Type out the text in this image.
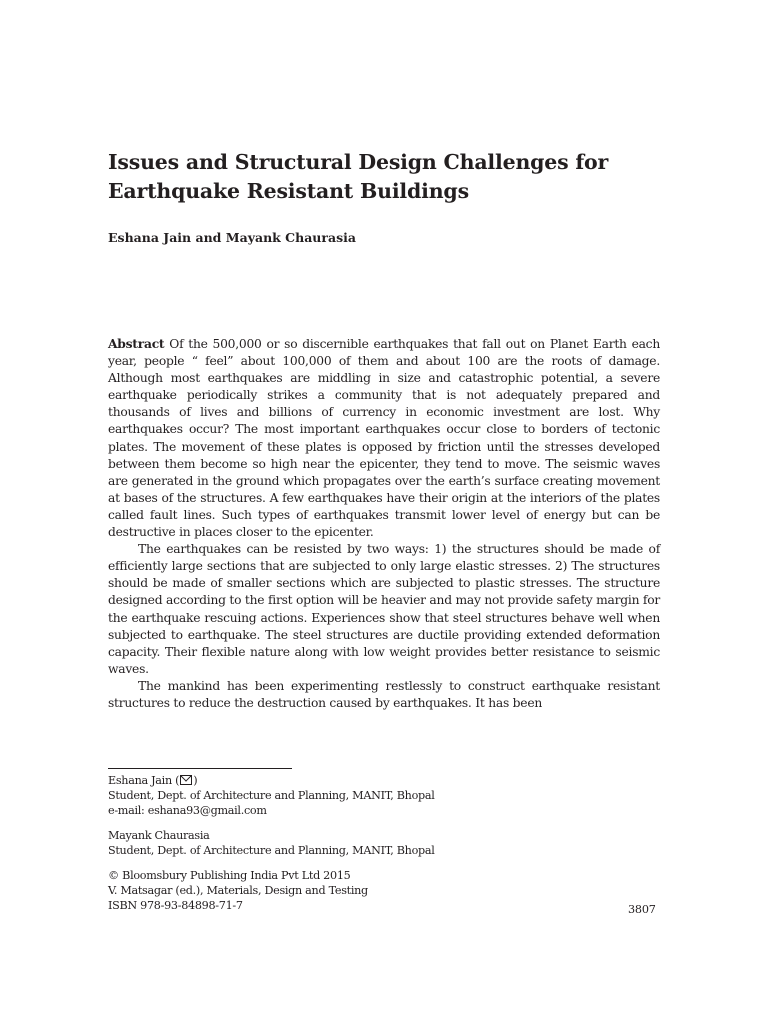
Issues and Structural Design Challenges for
Earthquake Resistant Buildings
Eshana Jain and Mayank Chaurasia

Abstract Of the 500,000 or so discernible earthquakes that fall out on Planet Earth each year, people “ feel” about 100,000 of them and about 100 are the roots of damage. Although most earthquakes are middling in size and catastrophic potential, a severe earthquake periodically strikes a community that is not adequately prepared and thousands of lives and billions of currency in economic investment are lost. Why earthquakes occur? The most important earthquakes occur close to borders of tectonic plates. The movement of these plates is opposed by friction until the stresses developed between them become so high near the epicenter, they tend to move. The seismic waves are generated in the ground which propagates over the earth’s surface creating movement at bases of the structures. A few earthquakes have their origin at the interiors of the plates called fault lines. Such types of earthquakes transmit lower level of energy but can be destructive in places closer to the epicenter.

The earthquakes can be resisted by two ways: 1) the structures should be made of efficiently large sections that are subjected to only large elastic stresses. 2) The structures should be made of smaller sections which are subjected to plastic stresses. The structure designed according to the first option will be heavier and may not provide safety margin for the earthquake rescuing actions. Experiences show that steel structures behave well when subjected to earthquake. The steel structures are ductile providing extended deformation capacity. Their flexible nature along with low weight provides better resistance to seismic waves.

The mankind has been experimenting restlessly to construct earthquake resistant structures to reduce the destruction caused by earthquakes. It has been

Eshana Jain ( )
Student, Dept. of Architecture and Planning, MANIT, Bhopal
e-mail: eshana93@gmail.com
Mayank Chaurasia
Student, Dept. of Architecture and Planning, MANIT, Bhopal
© Bloomsbury Publishing India Pvt Ltd 2015
V. Matsagar (ed.), Materials, Design and Testing
ISBN 978-93-84898-71-7	3807
